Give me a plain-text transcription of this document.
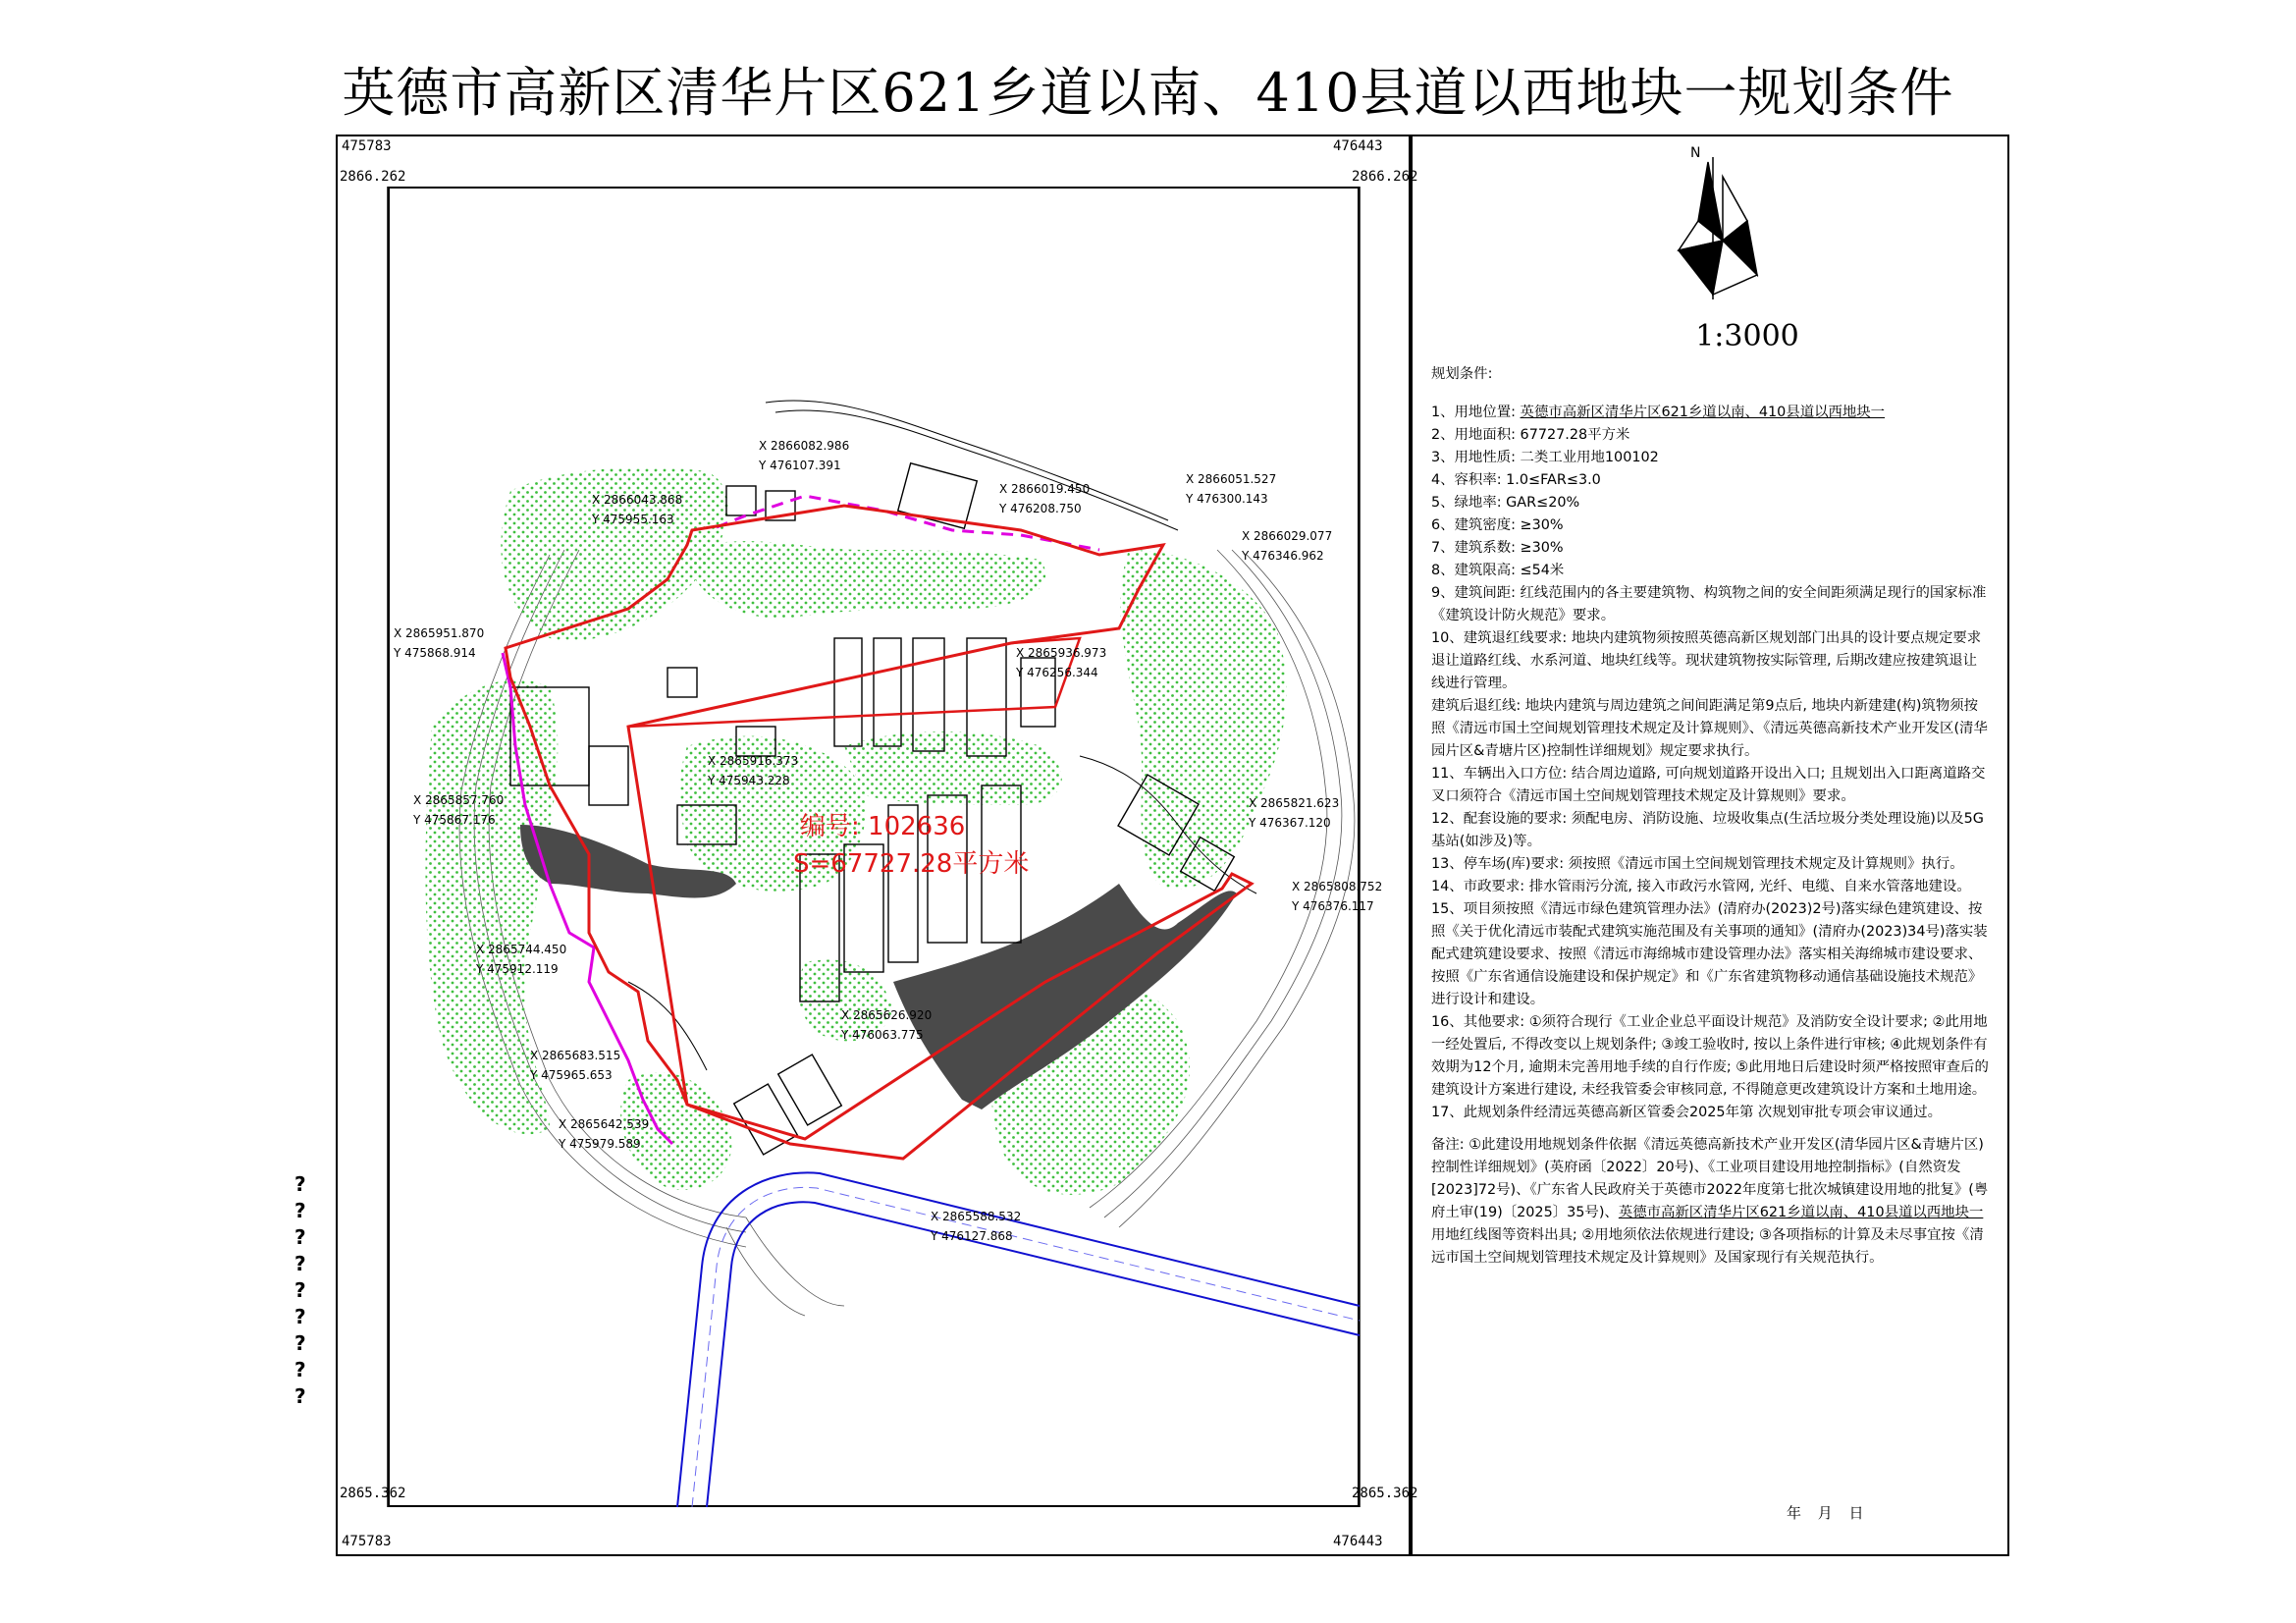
英德市高新区清华片区621乡道以南、410县道以西地块一规划条件
475783	476443
2866.262	2866.262
2865.362	2865.362
475783	476443
编号: 102636
S=67727.28平方米
X 2866082.986
Y 476107.391
X 2866043.868
Y 475955.163
X 2866019.450
Y 476208.750
X 2866051.527
Y 476300.143
X 2866029.077
Y 476346.962
X 2865951.870
Y 475868.914	X 2865936.973
Y 476256.344
X 2865916.373
Y 475943.228
X 2865857.760
Y 475867.176
X 2865821.623
Y 476367.120
X 2865808.752
Y 476376.117
X 2865744.450
Y 475912.119
X 2865626.920
Y 476063.775
X 2865683.515
Y 475965.653
X 2865642.539
Y 475979.589
X 2865588.532
Y 476127.868
N
1:3000
规划条件:
1、用地位置: 英德市高新区清华片区621乡道以南、410县道以西地块一
2、用地面积: 67727.28平方米
3、用地性质: 二类工业用地100102
4、容积率: 1.0≤FAR≤3.0
5、绿地率: GAR≤20%
6、建筑密度: ≥30%
7、建筑系数: ≥30%
8、建筑限高: ≤54米
9、建筑间距: 红线范围内的各主要建筑物、构筑物之间的安全间距须满足现行的国家标准《建筑设计防火规范》要求。
10、建筑退红线要求: 地块内建筑物须按照英德高新区规划部门出具的设计要点规定要求退让道路红线、水系河道、地块红线等。现状建筑物按实际管理, 后期改建应按建筑退让线进行管理。
建筑后退红线: 地块内建筑与周边建筑之间间距满足第9点后, 地块内新建建(构)筑物须按照《清远市国土空间规划管理技术规定及计算规则》、《清远英德高新技术产业开发区(清华园片区&青塘片区)控制性详细规划》规定要求执行。
11、车辆出入口方位: 结合周边道路, 可向规划道路开设出入口; 且规划出入口距离道路交叉口须符合《清远市国土空间规划管理技术规定及计算规则》要求。
12、配套设施的要求: 须配电房、消防设施、垃圾收集点(生活垃圾分类处理设施)以及5G基站(如涉及)等。
13、停车场(库)要求: 须按照《清远市国土空间规划管理技术规定及计算规则》执行。
14、市政要求: 排水管雨污分流, 接入市政污水管网, 光纤、电缆、自来水管落地建设。
15、项目须按照《清远市绿色建筑管理办法》(清府办(2023)2号)落实绿色建筑建设、按照《关于优化清远市装配式建筑实施范围及有关事项的通知》(清府办(2023)34号)落实装配式建筑建设要求、按照《清远市海绵城市建设管理办法》落实相关海绵城市建设要求、按照《广东省通信设施建设和保护规定》和《广东省建筑物移动通信基础设施技术规范》进行设计和建设。
16、其他要求: ①须符合现行《工业企业总平面设计规范》及消防安全设计要求; ②此用地一经处置后, 不得改变以上规划条件; ③竣工验收时, 按以上条件进行审核; ④此规划条件有效期为12个月, 逾期未完善用地手续的自行作废; ⑤此用地日后建设时须严格按照审查后的建筑设计方案进行建设, 未经我管委会审核同意, 不得随意更改建筑设计方案和土地用途。
17、此规划条件经清远英德高新区管委会2025年第 次规划审批专项会审议通过。
备注: ①此建设用地规划条件依据《清远英德高新技术产业开发区(清华园片区&青塘片区)控制性详细规划》(英府函〔2022〕20号)、《工业项目建设用地控制指标》(自然资发[2023]72号)、《广东省人民政府关于英德市2022年度第七批次城镇建设用地的批复》(粤府土审(19)〔2025〕35号)、英德市高新区清华片区621乡道以南、410县道以西地块一用地红线图等资料出具; ②用地须依法依规进行建设; ③各项指标的计算及未尽事宜按《清远市国土空间规划管理技术规定及计算规则》及国家现行有关规范执行。
年 月 日
?
?
?
?
?
?
?
?
?
